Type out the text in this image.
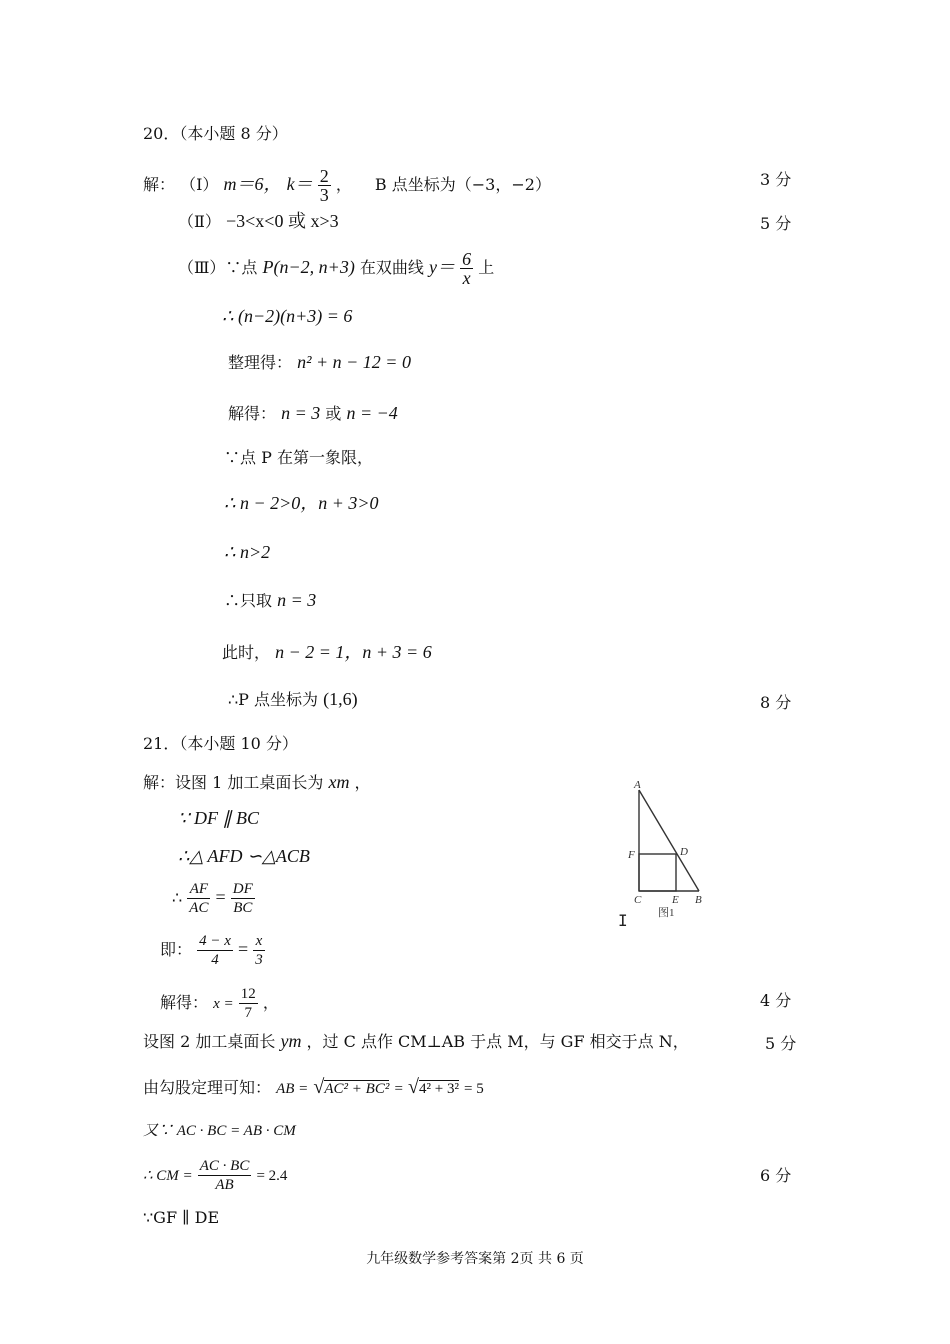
20．（本小题 8 分）
解： （Ⅰ） m＝6， $k= \frac{2}{3}$ ， B 点坐标为（−3，−2）	3 分
（Ⅱ） −3<x<0 或 x>3	5 分
（Ⅲ）∵点 P(n−2, n+3) 在双曲线 $y= \frac{6}{x}$ 上
∴ (n−2)(n+3) = 6
整理得： n² + n − 12 = 0
解得： n = 3 或 n = −4
∵点 P 在第一象限，
∴ n − 2>0，n + 3>0
∴ n>2
∴只取 n = 3
此时， n − 2 = 1，n + 3 = 6
∴P 点坐标为 (1,6)	8 分
21．（本小题 10 分）
解：设图 1 加工桌面长为 xm ，
∵ DF ∥ BC
∴△ AFD ∽△ACB
∴ $\frac{AF}{AC} = \frac{DF}{BC}$
即： $\frac{4 - x}{4} = \frac{x}{3}$
解得： $x = \frac{12}{7}$ ，	4 分
设图 2 加工桌面长 ym ，过 C 点作 CM⊥AB 于点 M，与 GF 相交于点 N，	5 分
由勾股定理可知： AB = √AC² + BC² = √4² + 3² = 5
又∵ AC · BC = AB · CM
∴ CM = $\frac{AC \cdot BC}{AB} = 2.4$	6 分
∵GF ∥ DE
A
F	D
C	E B
图1
I
九年级数学参考答案第 2页 共 6 页
